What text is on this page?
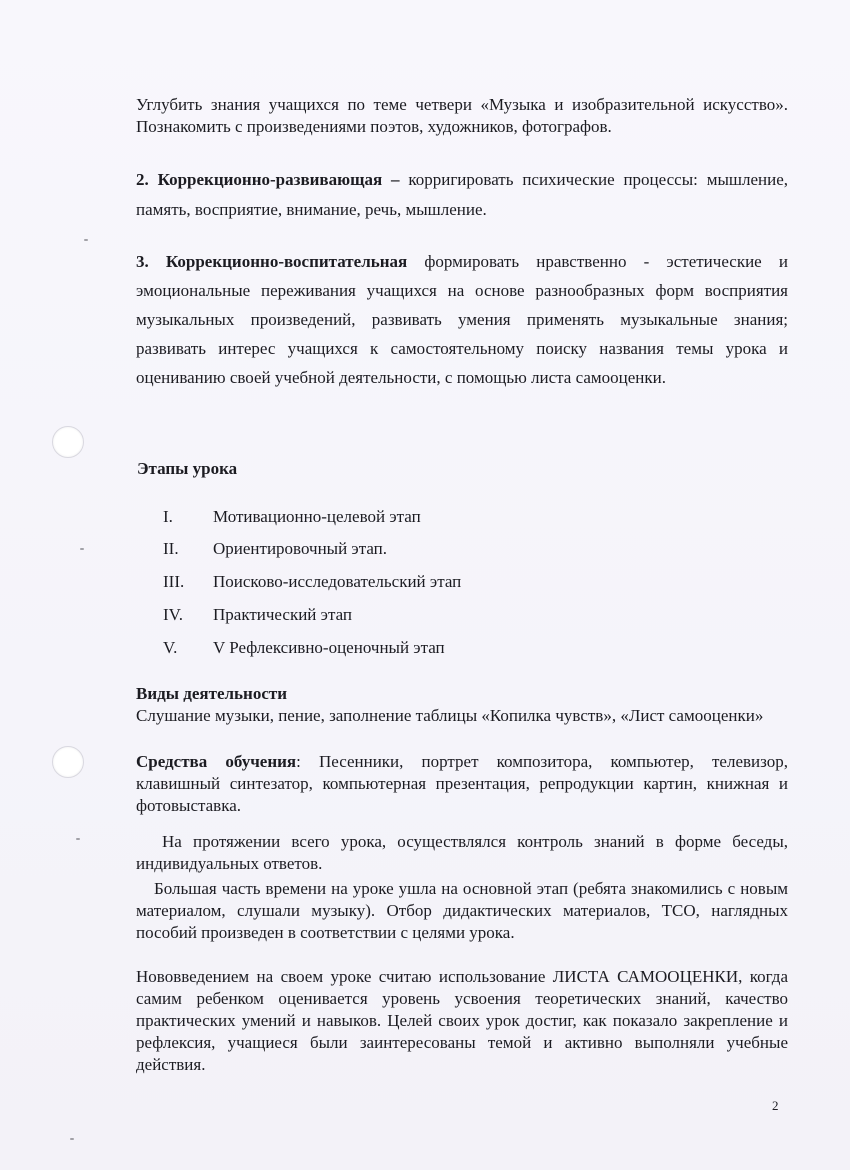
Углубить знания учащихся по теме четвери «Музыка и изобразительной искусство». Познакомить с произведениями поэтов, художников, фотографов.

2. Коррекционно-развивающая – корригировать психические процессы: мышление, память, восприятие, внимание, речь, мышление.

3. Коррекционно-воспитательная формировать нравственно - эстетические и эмоциональные переживания учащихся на основе разнообразных форм восприятия музыкальных произведений, развивать умения применять музыкальные знания; развивать интерес учащихся к самостоятельному поиску названия темы урока и оцениванию своей учебной деятельности, с помощью листа самооценки.

Этапы урока

I. Мотивационно-целевой этап
II. Ориентировочный этап.
III. Поисково-исследовательский этап
IV. Практический этап
V. V Рефлексивно-оценочный этап

Виды деятельности

Слушание музыки, пение, заполнение таблицы «Копилка чувств», «Лист самооценки»

Средства обучения: Песенники, портрет композитора, компьютер, телевизор, клавишный синтезатор, компьютерная презентация, репродукции картин, книжная и фотовыставка.

На протяжении всего урока, осуществлялся контроль знаний в форме беседы, индивидуальных ответов.

Большая часть времени на уроке ушла на основной этап (ребята знакомились с новым материалом, слушали музыку). Отбор дидактических материалов, ТСО, наглядных пособий произведен в соответствии с целями урока.

Нововведением на своем уроке считаю использование ЛИСТА САМООЦЕНКИ, когда самим ребенком оценивается уровень усвоения теоретических знаний, качество практических умений и навыков. Целей своих урок достиг, как показало закрепление и рефлексия, учащиеся были заинтересованы темой и активно выполняли учебные действия.

2
